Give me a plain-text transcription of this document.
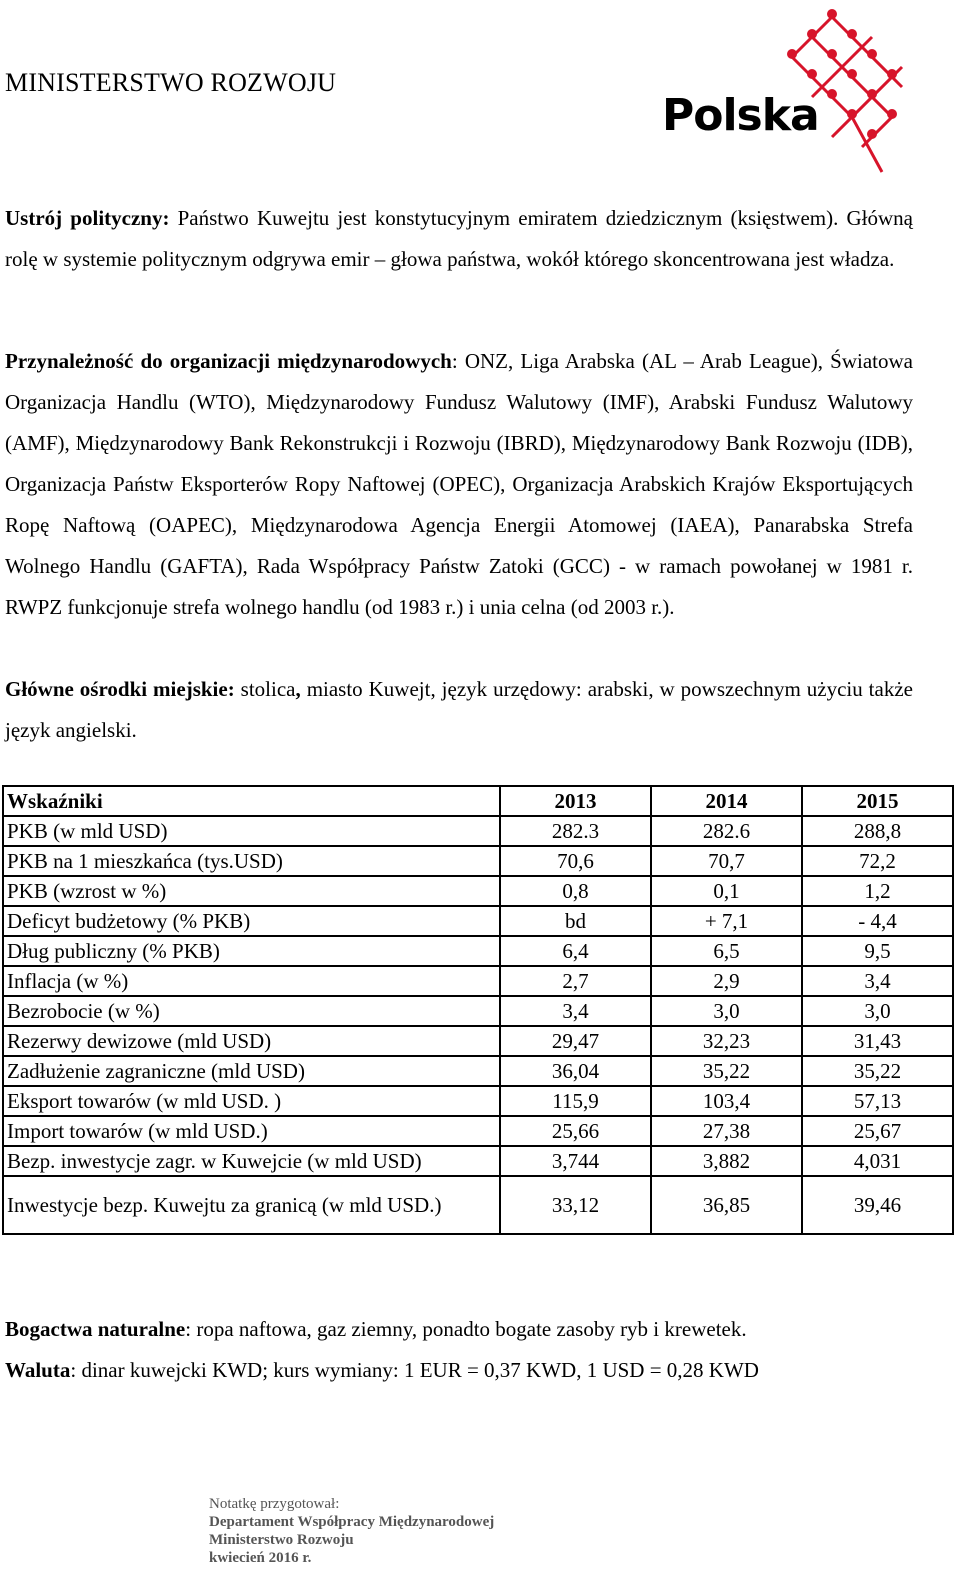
MINISTERSTWO ROZWOJU
Polska

Ustrój polityczny: Państwo Kuwejtu jest konstytucyjnym emiratem dziedzicznym (księstwem). Główną rolę w systemie politycznym odgrywa emir – głowa państwa, wokół którego skoncentrowana jest władza.

Przynależność do organizacji międzynarodowych: ONZ, Liga Arabska (AL – Arab League), Światowa Organizacja Handlu (WTO), Międzynarodowy Fundusz Walutowy (IMF), Arabski Fundusz Walutowy (AMF), Międzynarodowy Bank Rekonstrukcji i Rozwoju (IBRD), Międzynarodowy Bank Rozwoju (IDB), Organizacja Państw Eksporterów Ropy Naftowej (OPEC), Organizacja Arabskich Krajów Eksportujących Ropę Naftową (OAPEC), Międzynarodowa Agencja Energii Atomowej (IAEA), Panarabska Strefa Wolnego Handlu (GAFTA), Rada Współpracy Państw Zatoki (GCC) - w ramach powołanej w 1981 r. RWPZ funkcjonuje strefa wolnego handlu (od 1983 r.) i unia celna (od 2003 r.).

Główne ośrodki miejskie: stolica, miasto Kuwejt, język urzędowy: arabski, w powszechnym użyciu także język angielski.

Wskaźniki	2013	2014	2015
PKB (w mld USD)	282.3	282.6	288,8
PKB na 1 mieszkańca (tys.USD)	70,6	70,7	72,2
PKB (wzrost w %)	0,8	0,1	1,2
Deficyt budżetowy (% PKB)	bd	+ 7,1	- 4,4
Dług publiczny (% PKB)	6,4	6,5	9,5
Inflacja (w %)	2,7	2,9	3,4
Bezrobocie (w %)	3,4	3,0	3,0
Rezerwy dewizowe (mld USD)	29,47	32,23	31,43
Zadłużenie zagraniczne (mld USD)	36,04	35,22	35,22
Eksport towarów (w mld USD. )	115,9	103,4	57,13
Import towarów (w mld USD.)	25,66	27,38	25,67
Bezp. inwestycje zagr. w Kuwejcie (w mld USD)	3,744	3,882	4,031
Inwestycje bezp. Kuwejtu za granicą (w mld USD.)	33,12	36,85	39,46

Bogactwa naturalne: ropa naftowa, gaz ziemny, ponadto bogate zasoby ryb i krewetek.

Waluta: dinar kuwejcki KWD; kurs wymiany: 1 EUR = 0,37 KWD, 1 USD = 0,28 KWD

Notatkę przygotował:
Departament Współpracy Międzynarodowej
Ministerstwo Rozwoju
kwiecień 2016 r.
